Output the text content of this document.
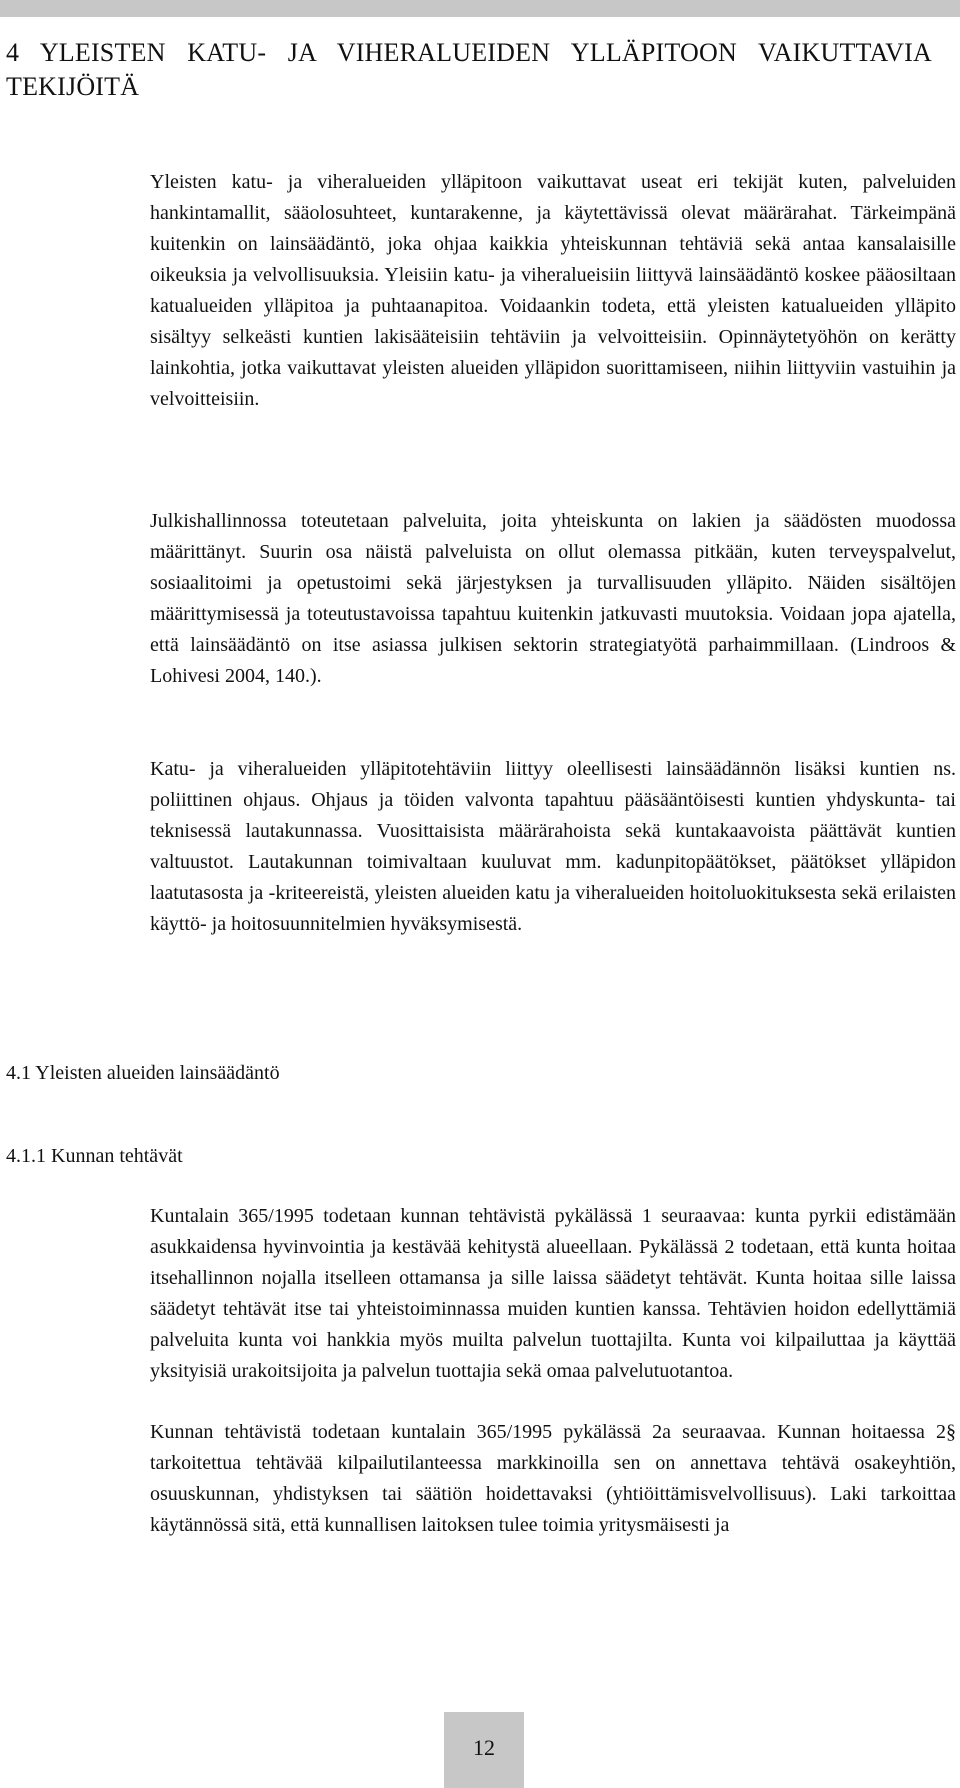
4 YLEISTEN KATU- JA VIHERALUEIDEN YLLÄPITOON VAIKUTTAVIA TEKIJÖITÄ

Yleisten katu- ja viheralueiden ylläpitoon vaikuttavat useat eri tekijät kuten, palveluiden hankintamallit, sääolosuhteet, kuntarakenne, ja käytettävissä olevat määrärahat. Tärkeimpänä kuitenkin on lainsäädäntö, joka ohjaa kaikkia yhteiskunnan tehtäviä sekä antaa kansalaisille oikeuksia ja velvollisuuksia. Yleisiin katu- ja viheralueisiin liittyvä lainsäädäntö koskee pääosiltaan katualueiden ylläpitoa ja puhtaanapitoa. Voidaankin todeta, että yleisten katualueiden ylläpito sisältyy selkeästi kuntien lakisääteisiin tehtäviin ja velvoitteisiin. Opinnäytetyöhön on kerätty lainkohtia, jotka vaikuttavat yleisten alueiden ylläpidon suorittamiseen, niihin liittyviin vastuihin ja velvoitteisiin.

Julkishallinnossa toteutetaan palveluita, joita yhteiskunta on lakien ja säädösten muodossa määrittänyt. Suurin osa näistä palveluista on ollut olemassa pitkään, kuten terveyspalvelut, sosiaalitoimi ja opetustoimi sekä järjestyksen ja turvallisuuden ylläpito. Näiden sisältöjen määrittymisessä ja toteutustavoissa tapahtuu kuitenkin jatkuvasti muutoksia. Voidaan jopa ajatella, että lainsäädäntö on itse asiassa julkisen sektorin strategiatyötä parhaimmillaan. (Lindroos & Lohivesi 2004, 140.).

Katu- ja viheralueiden ylläpitotehtäviin liittyy oleellisesti lainsäädännön lisäksi kuntien ns. poliittinen ohjaus. Ohjaus ja töiden valvonta tapahtuu pääsääntöisesti kuntien yhdyskunta- tai teknisessä lautakunnassa. Vuosittaisista määrärahoista sekä kuntakaavoista päättävät kuntien valtuustot. Lautakunnan toimivaltaan kuuluvat mm. kadunpitopäätökset, päätökset ylläpidon laatutasosta ja -kriteereistä, yleisten alueiden katu ja viheralueiden hoitoluokituksesta sekä erilaisten käyttö- ja hoitosuunnitelmien hyväksymisestä.

4.1 Yleisten alueiden lainsäädäntö
4.1.1 Kunnan tehtävät

Kuntalain 365/1995 todetaan kunnan tehtävistä pykälässä 1 seuraavaa: kunta pyrkii edistämään asukkaidensa hyvinvointia ja kestävää kehitystä alueellaan. Pykälässä 2 todetaan, että kunta hoitaa itsehallinnon nojalla itselleen ottamansa ja sille laissa säädetyt tehtävät. Kunta hoitaa sille laissa säädetyt tehtävät itse tai yhteistoiminnassa muiden kuntien kanssa. Tehtävien hoidon edellyttämiä palveluita kunta voi hankkia myös muilta palvelun tuottajilta. Kunta voi kilpailuttaa ja käyttää yksityisiä urakoitsijoita ja palvelun tuottajia sekä omaa palvelutuotantoa.

Kunnan tehtävistä todetaan kuntalain 365/1995 pykälässä 2a seuraavaa. Kunnan hoitaessa 2§ tarkoitettua tehtävää kilpailutilanteessa markkinoilla sen on annettava tehtävä osakeyhtiön, osuuskunnan, yhdistyksen tai säätiön hoidettavaksi (yhtiöittämisvelvollisuus). Laki tarkoittaa käytännössä sitä, että kunnallisen laitoksen tulee toimia yritysmäisesti ja

12
